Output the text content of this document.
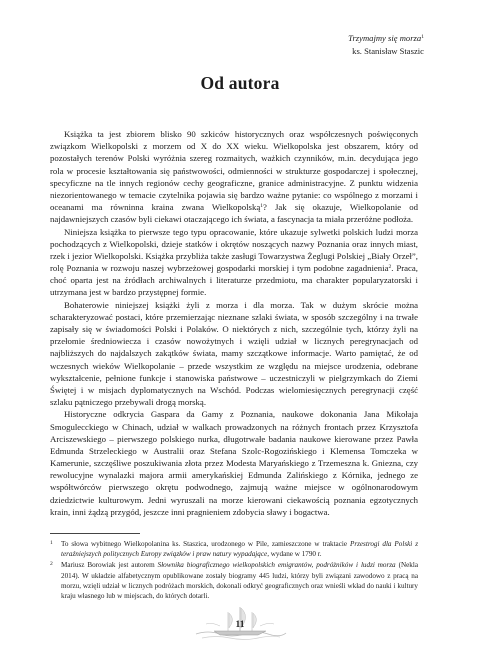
Trzymajmy się morza$^1$
ks. Stanisław Staszic
Od autora

Książka ta jest zbiorem blisko 90 szkiców historycznych oraz współczesnych poświęconych związkom Wielkopolski z morzem od X do XX wieku. Wielkopolska jest obszarem, który od pozostałych terenów Polski wyróżnia szereg rozmaitych, ważkich czynników, m.in. decydująca jego rola w procesie kształtowania się państwowości, odmienności w strukturze gospodarczej i społecznej, specyficzne na tle innych regionów cechy geograficzne, granice administracyjne. Z punktu widzenia niezorientowanego w temacie czytelnika pojawia się bardzo ważne pytanie: co wspólnego z morzami i oceanami ma równinna kraina zwana Wielkopolską$^1$? Jak się okazuje, Wielkopolanie od najdawniejszych czasów byli ciekawi otaczającego ich świata, a fascynacja ta miała przeróżne podłoża.

Niniejsza książka to pierwsze tego typu opracowanie, które ukazuje sylwetki polskich ludzi morza pochodzących z Wielkopolski, dzieje statków i okrętów noszących nazwy Poznania oraz innych miast, rzek i jezior Wielkopolski. Książka przybliża także zasługi Towarzystwa Żeglugi Polskiej „Biały Orzeł”, rolę Poznania w rozwoju naszej wybrzeżowej gospodarki morskiej i tym podobne zagadnienia$^2$. Praca, choć oparta jest na źródłach archiwalnych i literaturze przedmiotu, ma charakter popularyzatorski i utrzymana jest w bardzo przystępnej formie.

Bohaterowie niniejszej książki żyli z morza i dla morza. Tak w dużym skrócie można scharakteryzować postaci, które przemierzając nieznane szlaki świata, w sposób szczególny i na trwałe zapisały się w świadomości Polski i Polaków. O niektórych z nich, szczególnie tych, którzy żyli na przełomie średniowiecza i czasów nowożytnych i wzięli udział w licznych peregrynacjach od najbliższych do najdalszych zakątków świata, mamy szczątkowe informacje. Warto pamiętać, że od wczesnych wieków Wielkopolanie – przede wszystkim ze względu na miejsce urodzenia, odebrane wykształcenie, pełnione funkcje i stanowiska państwowe – uczestniczyli w pielgrzymkach do Ziemi Świętej i w misjach dyplomatycznych na Wschód. Podczas wielomiesięcznych peregrynacji część szlaku pątniczego przebywali drogą morską.

Historyczne odkrycia Gaspara da Gamy z Poznania, naukowe dokonania Jana Mikołaja Smogulecckiego w Chinach, udział w walkach prowadzonych na różnych frontach przez Krzysztofa Arciszewskiego – pierwszego polskiego nurka, długotrwałe badania naukowe kierowane przez Pawła Edmunda Strzeleckiego w Australii oraz Stefana Szolc-Rogozińskiego i Klemensa Tomczeka w Kamerunie, szczęśliwe poszukiwania złota przez Modesta Maryańskiego z Trzemeszna k. Gniezna, czy rewolucyjne wynalazki majora armii amerykańskiej Edmunda Zalińskiego z Kórnika, jednego ze współtwórców pierwszego okrętu podwodnego, zajmują ważne miejsce w ogólnonarodowym dziedzictwie kulturowym. Jedni wyruszali na morze kierowani ciekawością poznania egzotycznych krain, inni żądzą przygód, jeszcze inni pragnieniem zdobycia sławy i bogactwa.

1 To słowa wybitnego Wielkopolanina ks. Staszica, urodzonego w Pile, zamieszczone w traktacie Przestrogi dla Polski z teraźniejszych politycznych Europy związków i praw natury wypadające, wydane w 1790 r.

2 Mariusz Borowiak jest autorem Słownika biograficznego wielkopolskich emigrantów, podróżników i ludzi morza (Nekla 2014). W układzie alfabetycznym opublikowane zostały biogramy 445 ludzi, którzy byli związani zawodowo z pracą na morzu, wzięli udział w licznych podróżach morskich, dokonali odkryć geograficznych oraz wnieśli wkład do nauki i kultury kraju własnego lub w miejscach, do których dotarli.

11
